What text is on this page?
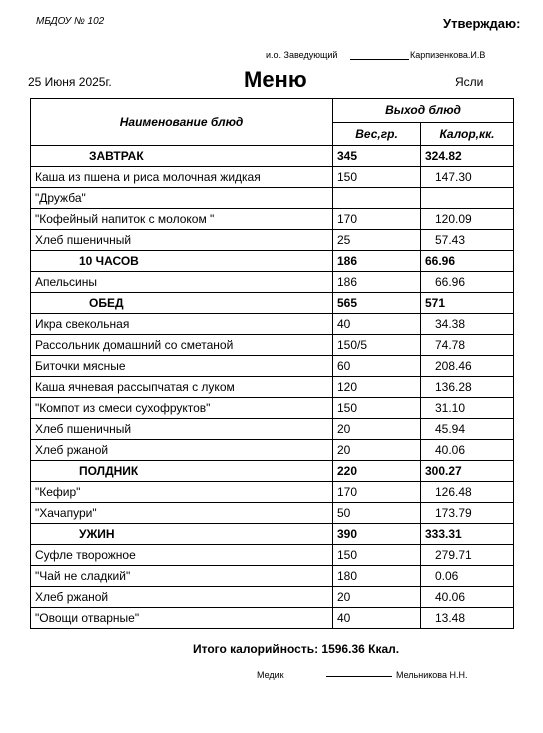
МБДОУ № 102	Утверждаю:
и.о. Заведующий	Карпизенкова.И.В
25 Июня 2025г.	Меню	Ясли
Наименование блюд	Выход блюд	
	Вес,гр.	Калор,кк.
ЗАВТРАК	345	324.82
Каша из пшена и риса молочная жидкая	150	147.30
"Дружба"		
"Кофейный напиток с молоком "	170	120.09
Хлеб пшеничный	25	57.43
10 ЧАСОВ	186	66.96
Апельсины	186	66.96
ОБЕД	565	571
Икра свекольная	40	34.38
Рассольник домашний со сметаной	150/5	74.78
Биточки мясные	60	208.46
Каша ячневая рассыпчатая с луком	120	136.28
"Компот из смеси сухофруктов"	150	31.10
Хлеб пшеничный	20	45.94
Хлеб ржаной	20	40.06
ПОЛДНИК	220	300.27
"Кефир"	170	126.48
"Хачапури"	50	173.79
УЖИН	390	333.31
Суфле творожное	150	279.71
"Чай не сладкий"	180	0.06
Хлеб ржаной	20	40.06
"Овощи отварные"	40	13.48
Итого калорийность: 1596.36 Ккал.
Медик	Мельникова Н.Н.
